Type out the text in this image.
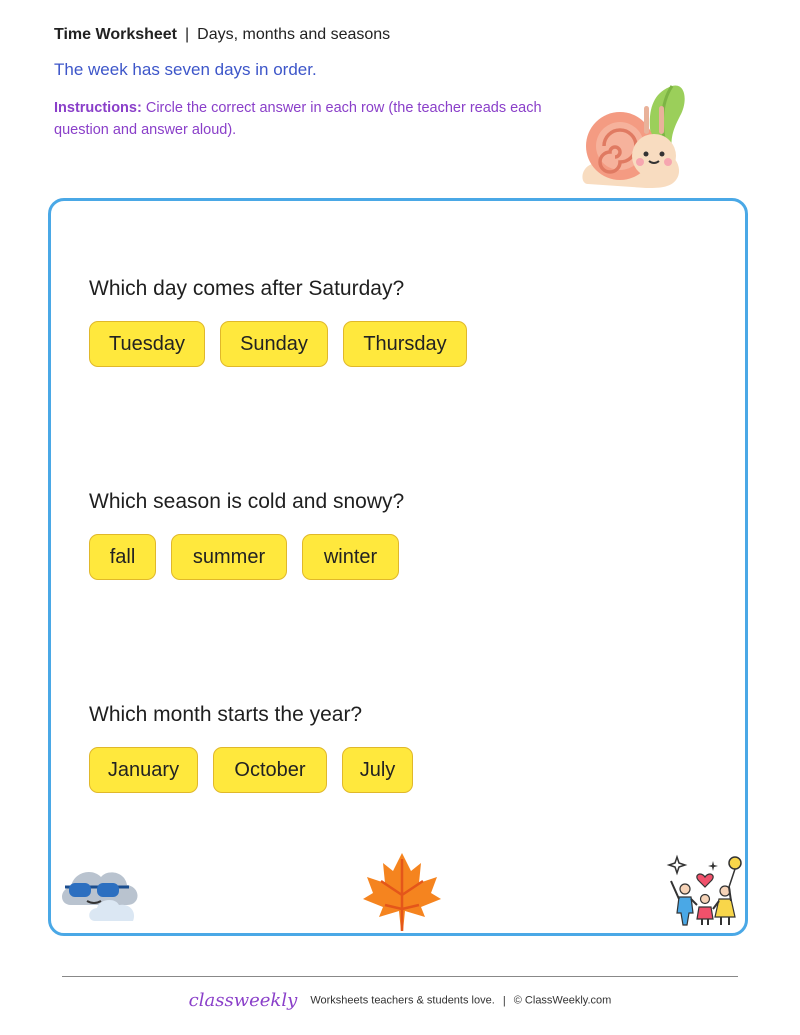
Time Worksheet | Days, months and seasons
The week has seven days in order.
Instructions: Circle the correct answer in each row (the teacher reads each question and answer aloud).
Which day comes after Saturday?
Tuesday	Sunday	Thursday
Which season is cold and snowy?
fall	summer	winter
Which month starts the year?
January	October	July
classweekly Worksheets teachers & students love. | © ClassWeekly.com
